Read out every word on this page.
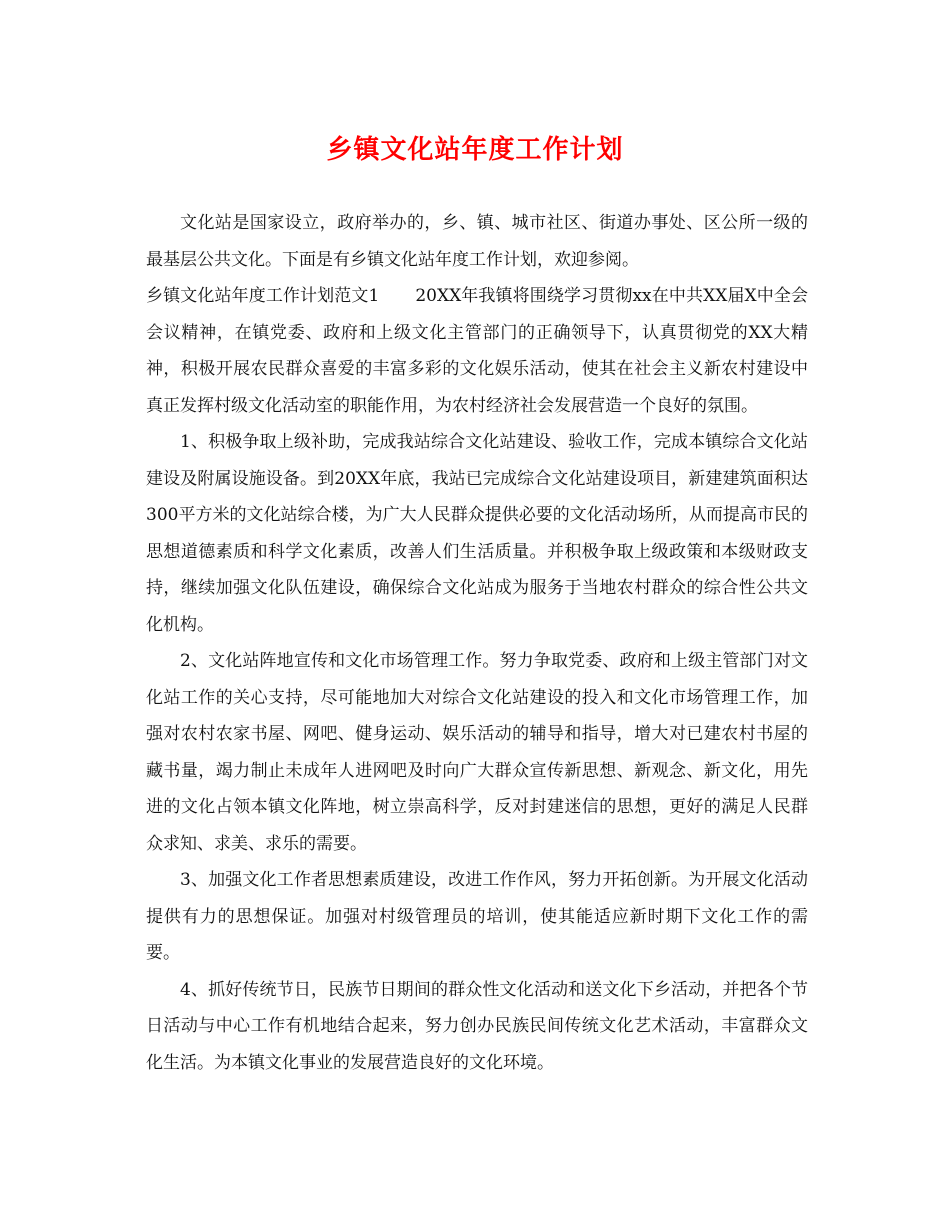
乡镇文化站年度工作计划

文化站是国家设立，政府举办的，乡、镇、城市社区、街道办事处、区公所一级的最基层公共文化。下面是有乡镇文化站年度工作计划，欢迎参阅。

乡镇文化站年度工作计划范文1 20XX年我镇将围绕学习贯彻xx在中共XX届X中全会会议精神，在镇党委、政府和上级文化主管部门的正确领导下，认真贯彻党的XX大精神，积极开展农民群众喜爱的丰富多彩的文化娱乐活动，使其在社会主义新农村建设中真正发挥村级文化活动室的职能作用，为农村经济社会发展营造一个良好的氛围。

1、积极争取上级补助，完成我站综合文化站建设、验收工作，完成本镇综合文化站建设及附属设施设备。到20XX年底，我站已完成综合文化站建设项目，新建建筑面积达300平方米的文化站综合楼，为广大人民群众提供必要的文化活动场所，从而提高市民的思想道德素质和科学文化素质，改善人们生活质量。并积极争取上级政策和本级财政支持，继续加强文化队伍建设，确保综合文化站成为服务于当地农村群众的综合性公共文化机构。

2、文化站阵地宣传和文化市场管理工作。努力争取党委、政府和上级主管部门对文化站工作的关心支持，尽可能地加大对综合文化站建设的投入和文化市场管理工作，加强对农村农家书屋、网吧、健身运动、娱乐活动的辅导和指导，增大对已建农村书屋的藏书量，竭力制止未成年人进网吧及时向广大群众宣传新思想、新观念、新文化，用先进的文化占领本镇文化阵地，树立崇高科学，反对封建迷信的思想，更好的满足人民群众求知、求美、求乐的需要。

3、加强文化工作者思想素质建设，改进工作作风，努力开拓创新。为开展文化活动提供有力的思想保证。加强对村级管理员的培训，使其能适应新时期下文化工作的需要。

4、抓好传统节日，民族节日期间的群众性文化活动和送文化下乡活动，并把各个节日活动与中心工作有机地结合起来，努力创办民族民间传统文化艺术活动，丰富群众文化生活。为本镇文化事业的发展营造良好的文化环境。
